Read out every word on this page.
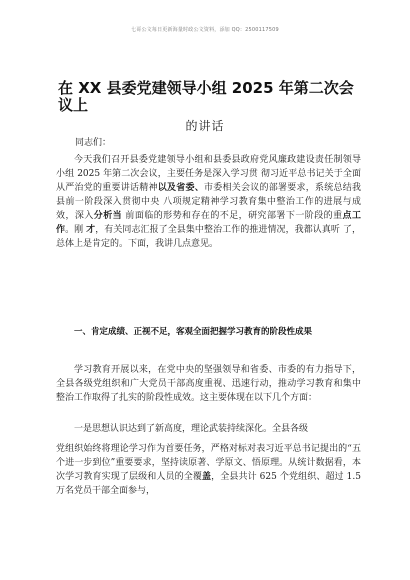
七哥公文每日更新海量时政公文资料，添加 QQ：2500117509
在 XX 县委党建领导小组 2025 年第二次会议上
的讲话
同志们：

今天我们召开县委党建领导小组和县委县政府党风廉政建设责任制领导小组 2025 年第二次会议，主要任务是深入学习贯 彻习近平总书记关于全面从严治党的重要讲话精神以及省委、市委相关会议的部署要求，系统总结我县前一阶段深入贯彻中央 八项规定精神学习教育集中整治工作的进展与成效，深入分析当 前面临的形势和存在的不足，研究部署下一阶段的重点工作。刚 才，有关同志汇报了全县集中整治工作的推进情况，我都认真听 了，总体上是肯定的。下面，我讲几点意见。

一、肯定成绩、正视不足，客观全面把握学习教育的阶段性成果

学习教育开展以来，在党中央的坚强领导和省委、市委的有力指导下，全县各级党组织和广大党员干部高度重视、迅速行动，推动学习教育和集中整治工作取得了扎实的阶段性成效。这主要体现在以下几个方面：

一是思想认识达到了新高度，理论武装持续深化。全县各级

党组织始终将理论学习作为首要任务，严格对标对表习近平总书记提出的“五个进一步到位”重要要求，坚持读原著、学原文、悟原理。从统计数据看，本次学习教育实现了层级和人员的全覆盖，全县共计 625 个党组织、超过 1.5 万名党员干部全面参与，
